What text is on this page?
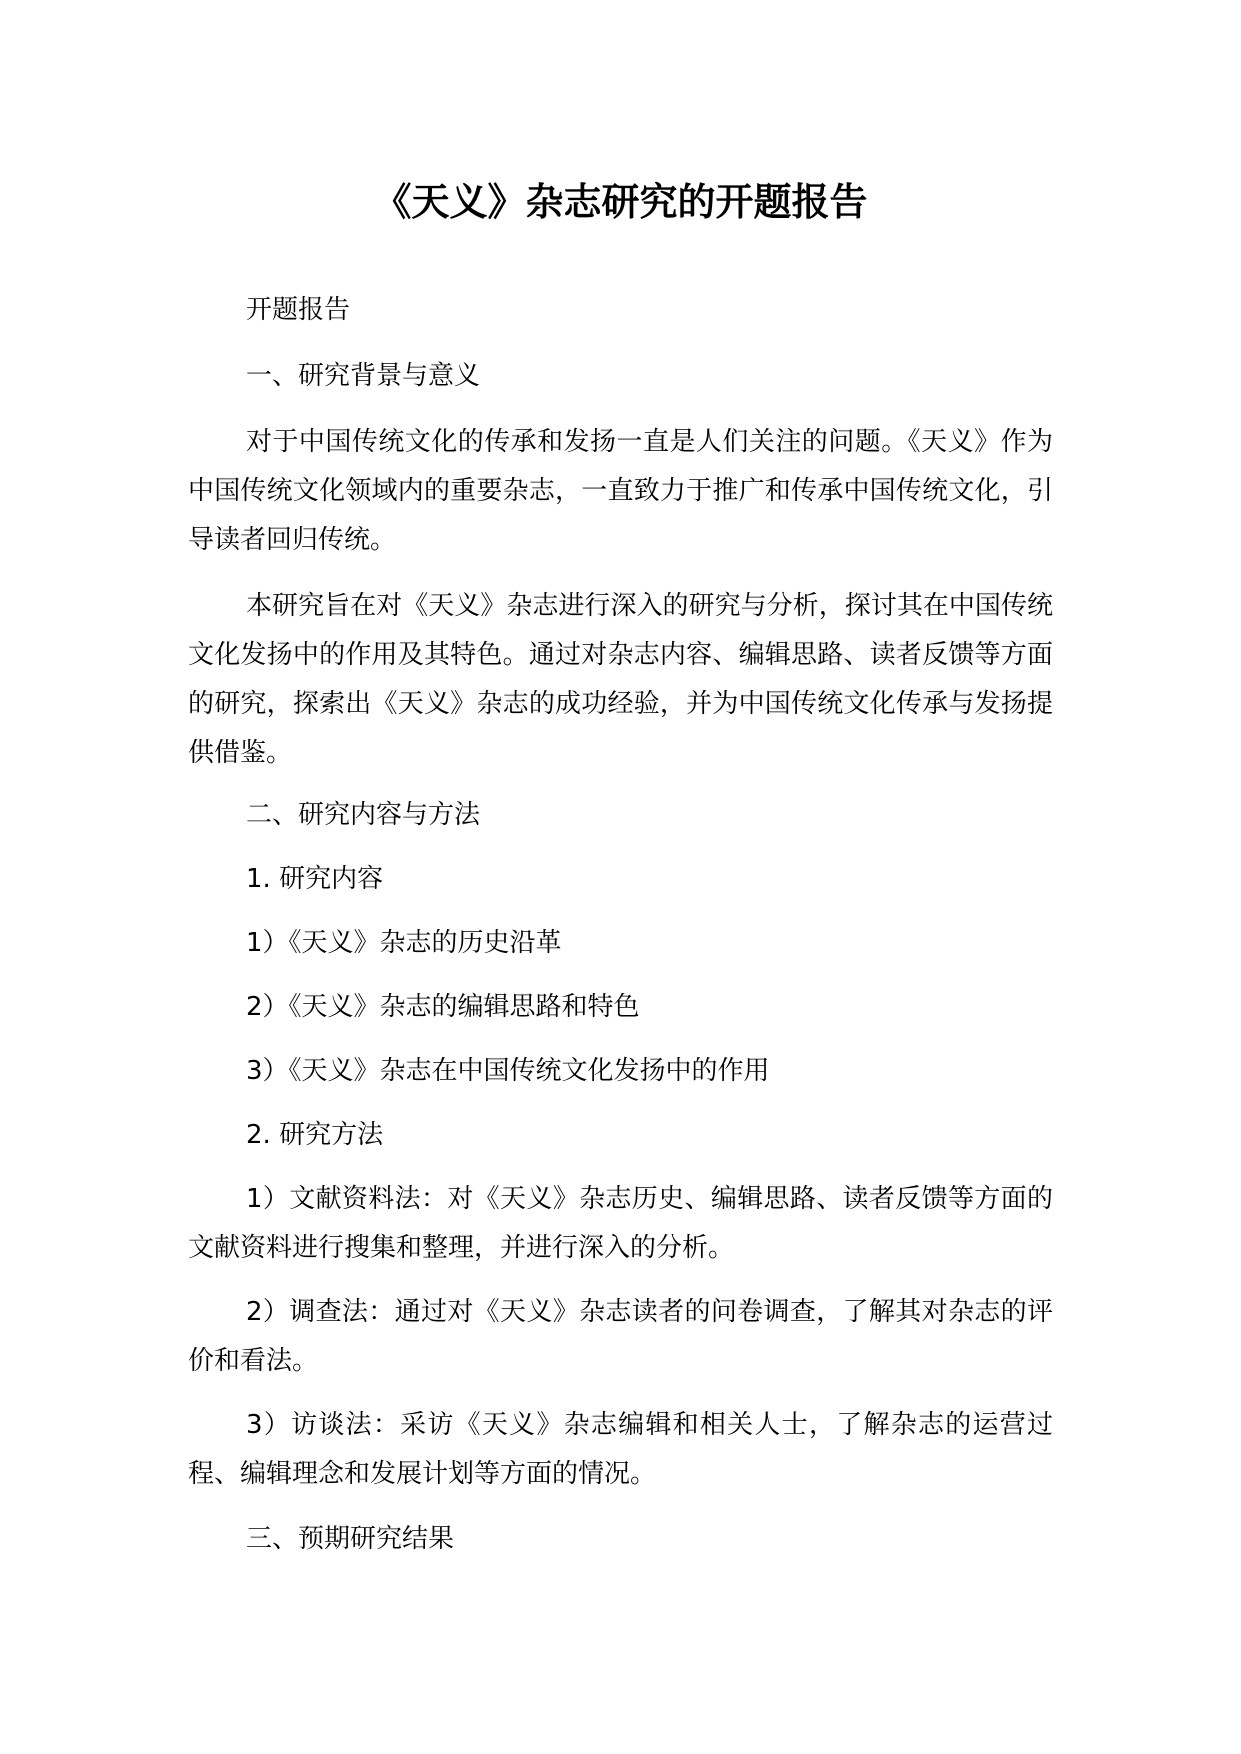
《天义》杂志研究的开题报告

开题报告

一、研究背景与意义

对于中国传统文化的传承和发扬一直是人们关注的问题。《天义》作为中国传统文化领域内的重要杂志，一直致力于推广和传承中国传统文化，引导读者回归传统。

本研究旨在对《天义》杂志进行深入的研究与分析，探讨其在中国传统文化发扬中的作用及其特色。通过对杂志内容、编辑思路、读者反馈等方面的研究，探索出《天义》杂志的成功经验，并为中国传统文化传承与发扬提供借鉴。

二、研究内容与方法

1. 研究内容

1）《天义》杂志的历史沿革

2）《天义》杂志的编辑思路和特色

3）《天义》杂志在中国传统文化发扬中的作用

2. 研究方法

1）文献资料法：对《天义》杂志历史、编辑思路、读者反馈等方面的文献资料进行搜集和整理，并进行深入的分析。

2）调查法：通过对《天义》杂志读者的问卷调查，了解其对杂志的评价和看法。

3）访谈法：采访《天义》杂志编辑和相关人士，了解杂志的运营过程、编辑理念和发展计划等方面的情况。

三、预期研究结果
